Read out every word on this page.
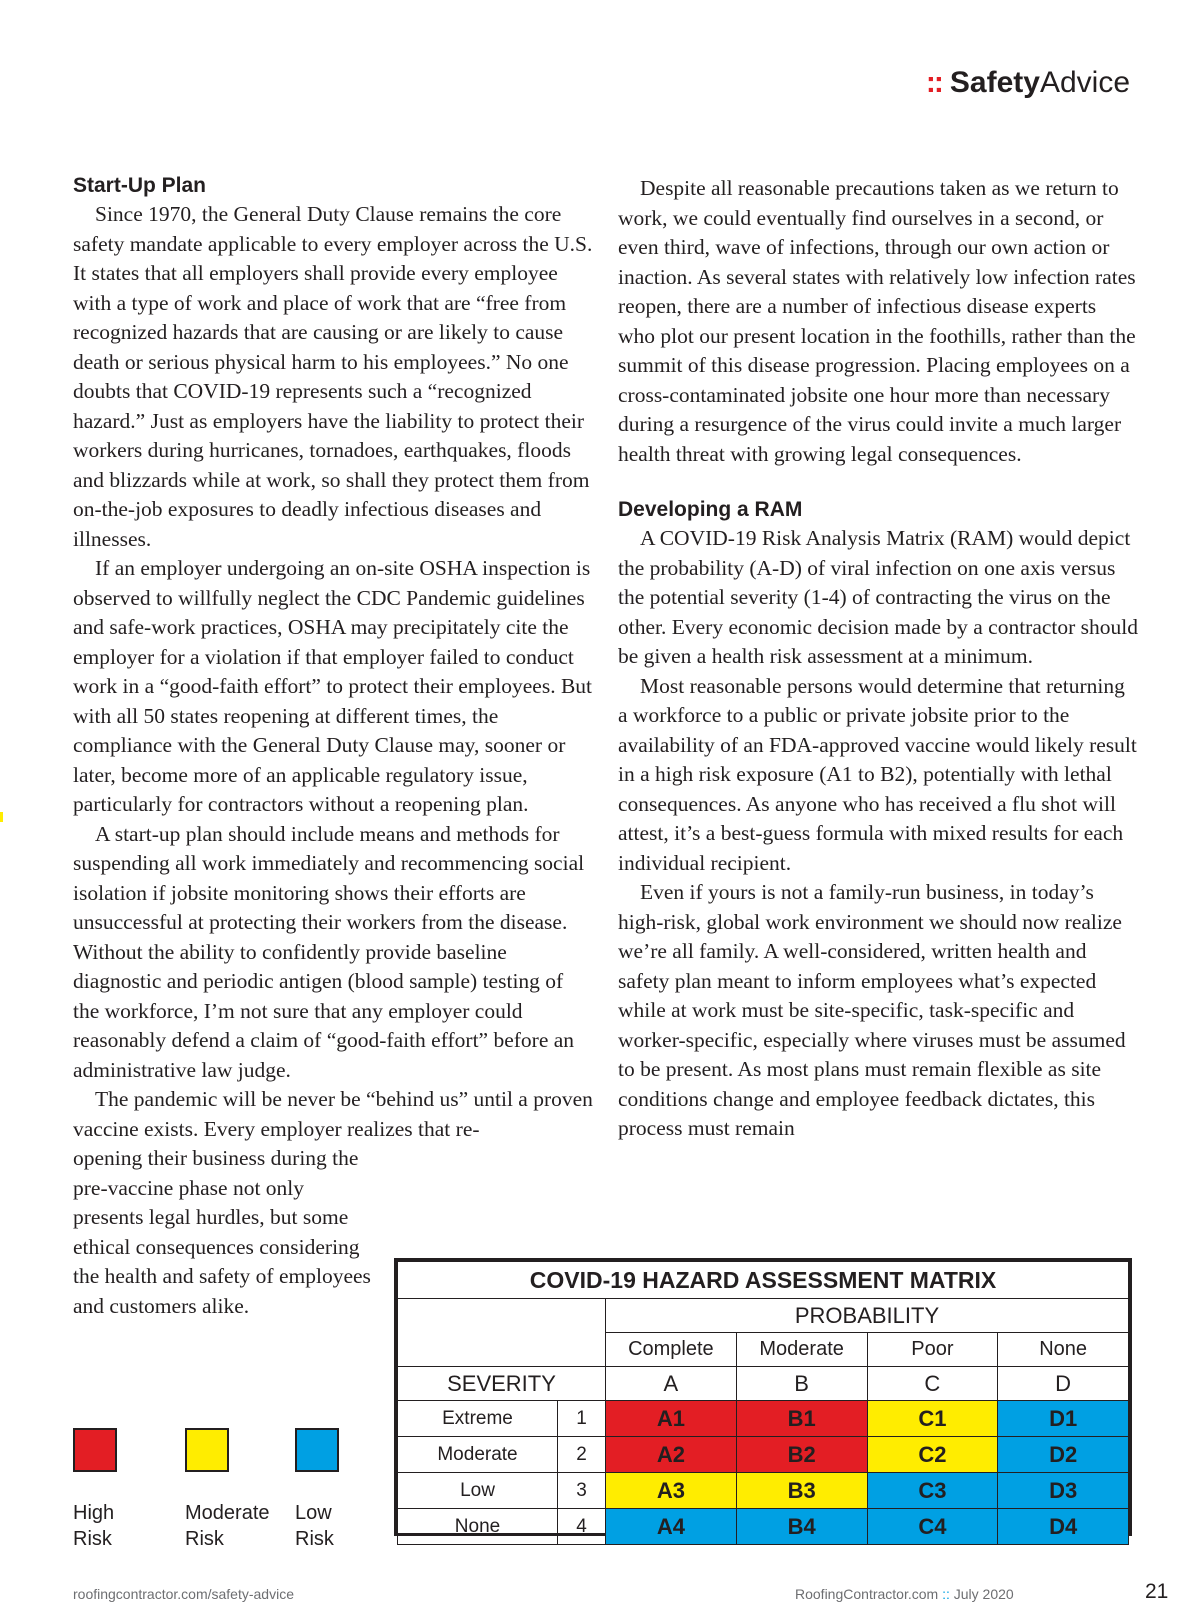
:: SafetyAdvice
Start-Up Plan

Since 1970, the General Duty Clause remains the core safety mandate applicable to every employer across the U.S. It states that all employers shall provide every employee with a type of work and place of work that are “free from recognized hazards that are causing or are likely to cause death or serious physical harm to his employees.” No one doubts that COVID-19 represents such a “recognized hazard.” Just as employers have the liability to protect their workers during hurricanes, tornadoes, earthquakes, floods and blizzards while at work, so shall they protect them from on-the-job exposures to deadly infectious diseases and illnesses.

If an employer undergoing an on-site OSHA inspection is observed to willfully neglect the CDC Pandemic guidelines and safe-work practices, OSHA may precipitately cite the employer for a violation if that employer failed to conduct work in a “good-faith effort” to protect their employees. But with all 50 states reopening at different times, the compliance with the General Duty Clause may, sooner or later, become more of an applicable regulatory issue, particularly for contractors without a reopening plan.

A start-up plan should include means and methods for suspending all work immediately and recommencing social isolation if jobsite monitoring shows their efforts are unsuccessful at protecting their workers from the disease. Without the ability to confidently provide baseline diagnostic and periodic antigen (blood sample) testing of the workforce, I’m not sure that any employer could reasonably defend a claim of “good-faith effort” before an administrative law judge.

The pandemic will be never be “behind us” until a proven vaccine exists. Every employer realizes that re-

opening their business during the pre-vaccine phase not only presents legal hurdles, but some ethical consequences considering the health and safety of employees and customers alike.

Despite all reasonable precautions taken as we return to work, we could eventually find ourselves in a second, or even third, wave of infections, through our own action or inaction. As several states with relatively low infection rates reopen, there are a number of infectious disease experts who plot our present location in the foothills, rather than the summit of this disease progression. Placing employees on a cross-contaminated jobsite one hour more than necessary during a resurgence of the virus could invite a much larger health threat with growing legal consequences.

Developing a RAM

A COVID-19 Risk Analysis Matrix (RAM) would depict the probability (A-D) of viral infection on one axis versus the potential severity (1-4) of contracting the virus on the other. Every economic decision made by a contractor should be given a health risk assessment at a minimum.

Most reasonable persons would determine that returning a workforce to a public or private jobsite prior to the availability of an FDA-approved vaccine would likely result in a high risk exposure (A1 to B2), potentially with lethal consequences. As anyone who has received a flu shot will attest, it’s a best-guess formula with mixed results for each individual recipient.

Even if yours is not a family-run business, in today’s high-risk, global work environment we should now realize we’re all family. A well-considered, written health and safety plan meant to inform employees what’s expected while at work must be site-specific, task-specific and worker-specific, especially where viruses must be assumed to be present. As most plans must remain flexible as site conditions change and employee feedback dictates, this process must remain

High
Risk
Moderate
Risk
Low
Risk
COVID-19 HAZARD ASSESSMENT MATRIX					
		PROBABILITY			
		Complete	Moderate	Poor	None
SEVERITY		A	B	C	D
Extreme	1	A1	B1	C1	D1
Moderate	2	A2	B2	C2	D2
Low	3	A3	B3	C3	D3
None	4	A4	B4	C4	D4
roofingcontractor.com/safety-advice	RoofingContractor.com :: July 2020	21
